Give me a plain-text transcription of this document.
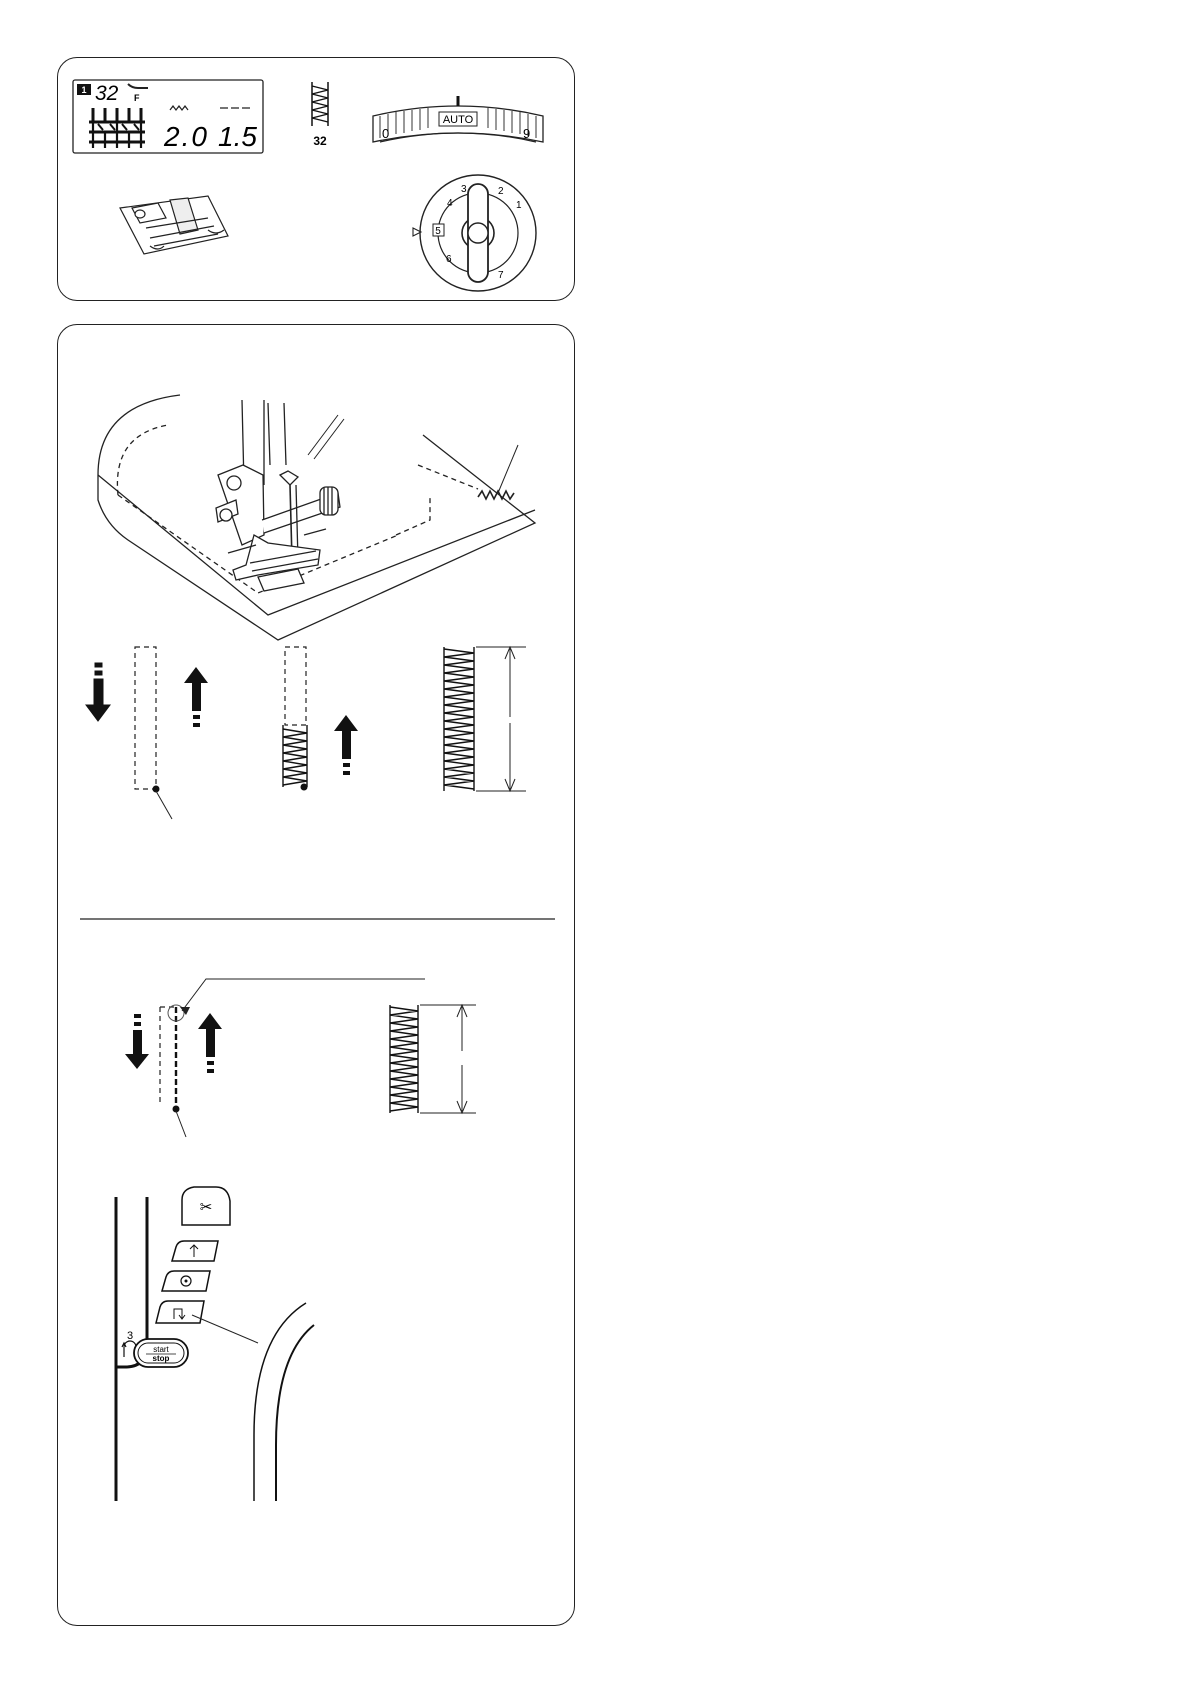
1 32 F
2.0 1.5	32
AUTO
0	9
2
1
3
4
5
6
7
3
✂
start
stop
